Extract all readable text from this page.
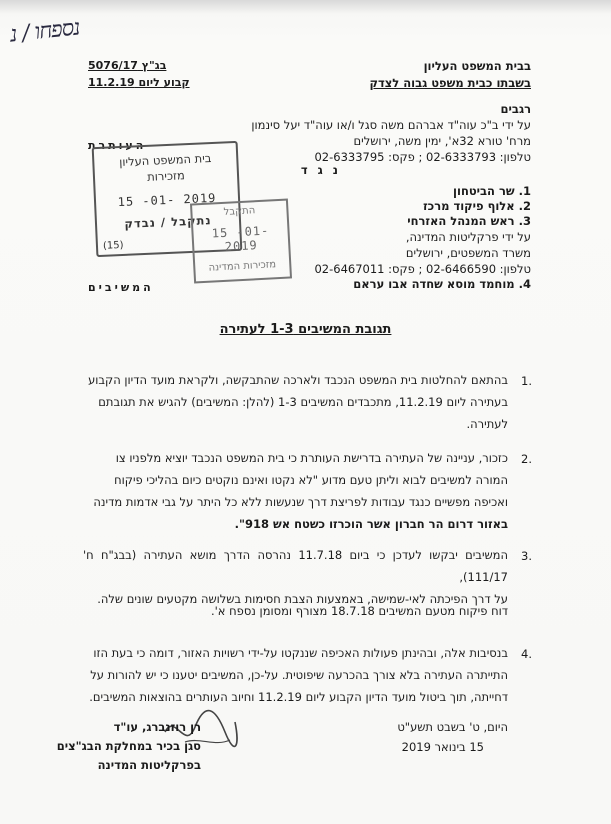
נספחו / נ
בג"ץ 5076/17
קבוע ליום 11.2.19
בבית המשפט העליון
בשבתו כבית משפט גבוה לצדק
רגבים
על ידי ב"כ עוה"ד אברהם משה סגל ו/או עוה"ד יעל סינמון
מרח' טורא 32א', ימין משה, ירושלים
טלפון: 02-6333793 ; פקס: 02-6333795
העותרת
נ ג ד
1. שר הביטחון
2. אלוף פיקוד מרכז
3. ראש המנהל האזרחי
על ידי פרקליטות המדינה,
משרד המשפטים, ירושלים
טלפון: 02-6466590 ; פקס: 02-6467011
4. מוחמד מוסא שחדה אבו עראם
המשיבים
בית המשפט העליון
מזכירות
15 -01- 2019
נתקבל / נבדק
(15)
התקבל
15 -01- 2019
מזכירות המדינה
תגובת המשיבים 1-3 לעתירה
1.
בהתאם להחלטות בית המשפט הנכבד ולארכה שהתבקשה, ולקראת מועד הדיון הקבוע
בעתירה ליום 11.2.19, מתכבדים המשיבים 1-3 (להלן: המשיבים) להגיש את תגובתם
לעתירה.
2.
כזכור, עניינה של העתירה בדרישת העותרת כי בית המשפט הנכבד יוציא מלפניו צו
המורה למשיבים לבוא וליתן טעם מדוע "לא נקטו ואינם נוקטים כיום בהליכי פיקוח
ואכיפה מפשיים כנגד עבודות לפריצת דרך שנעשות ללא כל היתר על גבי אדמות מדינה
באזור דרום הר חברון אשר הוכרזו כשטח אש 918".
3.
המשיבים יבקשו לעדכן כי ביום 11.7.18 נהרסה הדרך מושא העתירה (בבג"ח ח' 111/17),
על דרך הפיכתה לאי-שמישה, באמצעות הצבת חסימות בשלושה מקטעים שונים שלה.
דוח פיקוח מטעם המשיבים 18.7.18 מצורף ומסומן נספח א'.
4.
בנסיבות אלה, ובהינתן פעולות האכיפה שננקטו על-ידי רשויות האזור, דומה כי בעת הזו
התייתרה העתירה בלא צורך בהכרעה שיפוטית. על-כן, המשיבים יטענו כי יש להורות על
דחייתה, תוך ביטול מועד הדיון הקבוע ליום 11.2.19 וחיוב העותרים בהוצאות המשיבים.
היום, ט' בשבט תשע"ט
15 בינואר 2019
רן רוזנברג, עו"ד
סגן בכיר במחלקת הבג"צים
בפרקליטות המדינה
